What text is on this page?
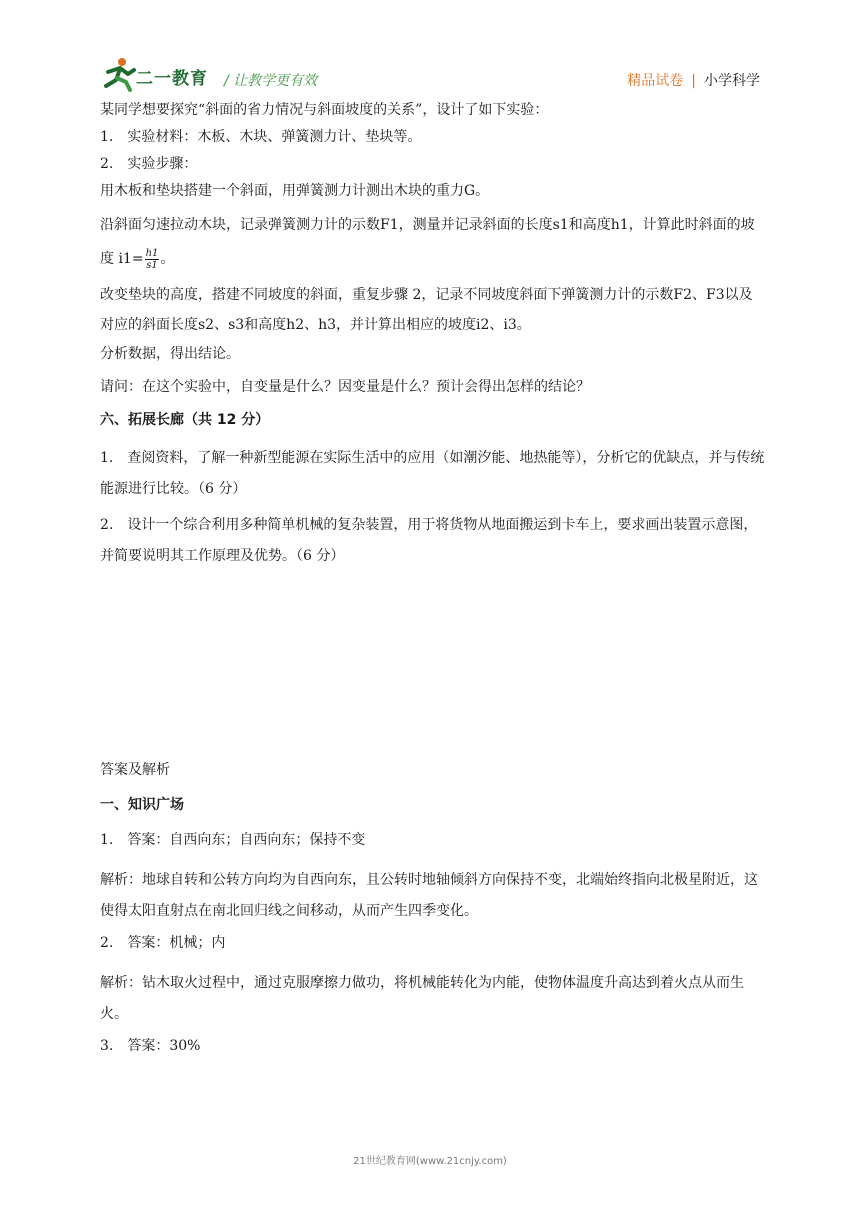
二一教育 / 让教学更有效	精品试卷 | 小学科学

某同学想要探究“斜面的省力情况与斜面坡度的关系”，设计了如下实验：

1.　实验材料：木板、木块、弹簧测力计、垫块等。

2.　实验步骤：

用木板和垫块搭建一个斜面，用弹簧测力计测出木块的重力G。

沿斜面匀速拉动木块，记录弹簧测力计的示数F1，测量并记录斜面的长度s1和高度h1，计算此时斜面的坡度 $i1= \frac{h1}{s1}$ 。

改变垫块的高度，搭建不同坡度的斜面，重复步骤 2，记录不同坡度斜面下弹簧测力计的示数F2、F3以及对应的斜面长度s2、s3和高度h2、h3，并计算出相应的坡度i2、i3。

分析数据，得出结论。

请问：在这个实验中，自变量是什么？因变量是什么？预计会得出怎样的结论？

六、拓展长廊（共 12 分）

1.　查阅资料，了解一种新型能源在实际生活中的应用（如潮汐能、地热能等），分析它的优缺点，并与传统能源进行比较。（6 分）

2.　设计一个综合利用多种简单机械的复杂装置，用于将货物从地面搬运到卡车上，要求画出装置示意图，并简要说明其工作原理及优势。（6 分）

答案及解析

一、知识广场

1.　答案：自西向东；自西向东；保持不变

解析：地球自转和公转方向均为自西向东，且公转时地轴倾斜方向保持不变，北端始终指向北极星附近，这使得太阳直射点在南北回归线之间移动，从而产生四季变化。

2.　答案：机械；内

解析：钻木取火过程中，通过克服摩擦力做功，将机械能转化为内能，使物体温度升高达到着火点从而生火。

3.　答案：30%

21世纪教育网(www.21cnjy.com)
